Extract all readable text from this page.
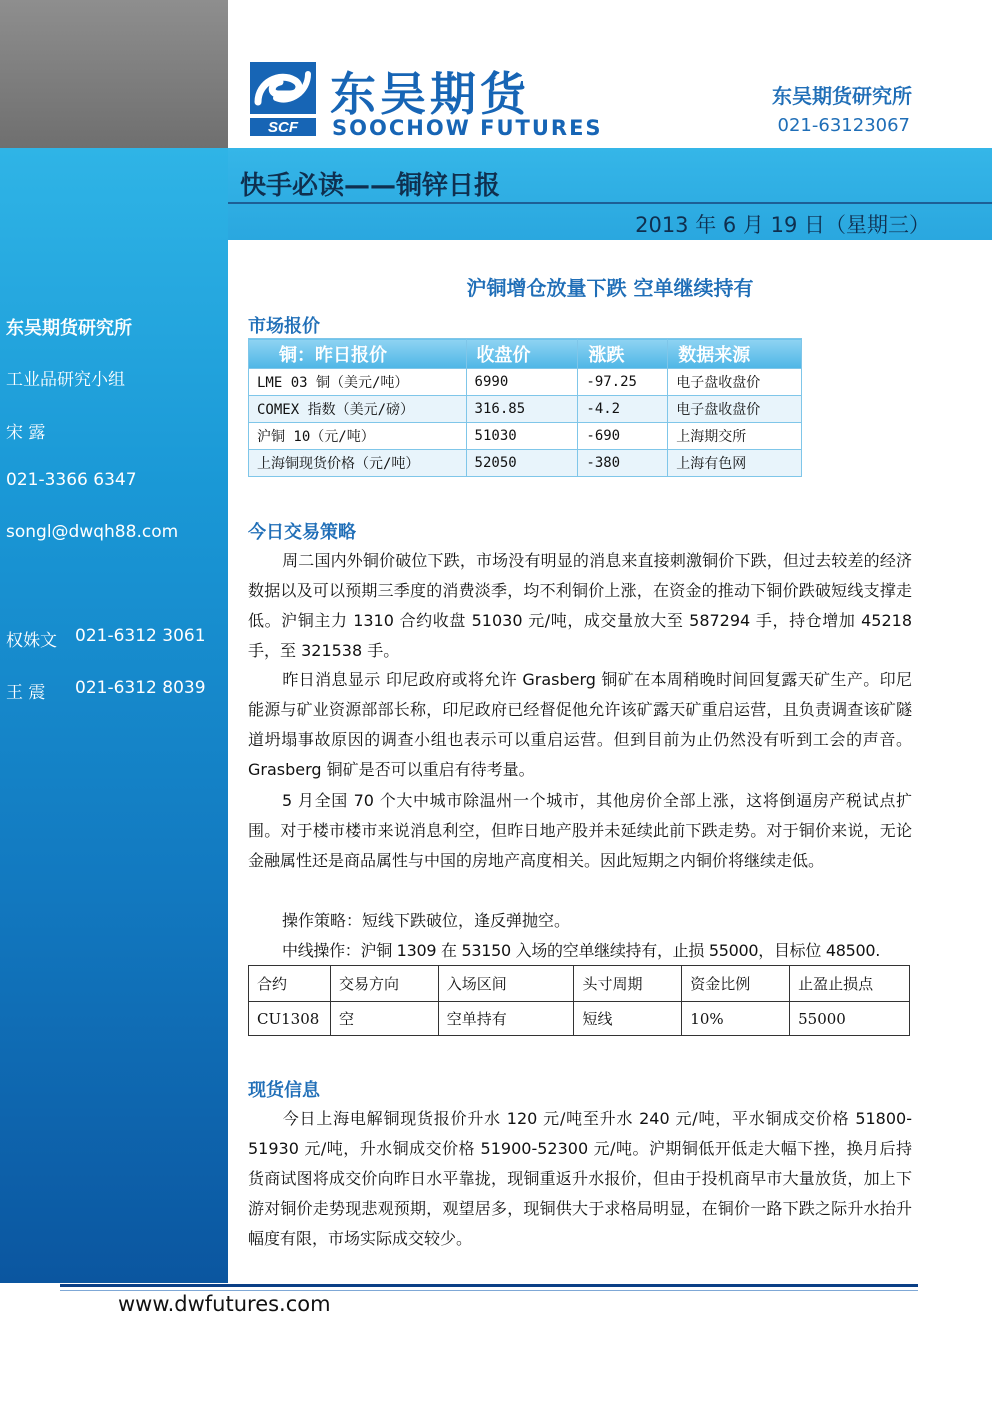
东吴期货研究所
工业品研究小组
宋 露
021-3366 6347
songl@dwqh88.com
权姝文 021-6312 3061
王 震 021-6312 8039
SCF
东吴期货
SOOCHOW FUTURES
东吴期货研究所
021-63123067
快手必读——铜锌日报
2013 年 6 月 19 日（星期三）
沪铜增仓放量下跌 空单继续持有
市场报价
铜：昨日报价	收盘价	涨跌	数据来源
LME 03 铜（美元/吨）	6990	-97.25	电子盘收盘价
COMEX 指数（美元/磅）	316.85	-4.2	电子盘收盘价
沪铜 10（元/吨）	51030	-690	上海期交所
上海铜现货价格（元/吨）	52050	-380	上海有色网
今日交易策略
周二国内外铜价破位下跌，市场没有明显的消息来直接刺激铜价下跌，但过去较差的经济数据以及可以预期三季度的消费淡季，均不利铜价上涨，在资金的推动下铜价跌破短线支撑走低。沪铜主力 1310 合约收盘 51030 元/吨，成交量放大至 587294 手，持仓增加 45218 手，至 321538 手。
昨日消息显示 印尼政府或将允许 Grasberg 铜矿在本周稍晚时间回复露天矿生产。印尼能源与矿业资源部部长称，印尼政府已经督促他允许该矿露天矿重启运营，且负责调查该矿隧道坍塌事故原因的调查小组也表示可以重启运营。但到目前为止仍然没有听到工会的声音。Grasberg 铜矿是否可以重启有待考量。
5 月全国 70 个大中城市除温州一个城市，其他房价全部上涨，这将倒逼房产税试点扩围。对于楼市楼市来说消息利空，但昨日地产股并未延续此前下跌走势。对于铜价来说，无论金融属性还是商品属性与中国的房地产高度相关。因此短期之内铜价将继续走低。
操作策略：短线下跌破位，逢反弹抛空。
中线操作：沪铜 1309 在 53150 入场的空单继续持有，止损 55000，目标位 48500.
合约	交易方向	入场区间	头寸周期	资金比例	止盈止损点
CU1308	空	空单持有	短线	10%	55000
现货信息
今日上海电解铜现货报价升水 120 元/吨至升水 240 元/吨，平水铜成交价格 51800-51930 元/吨，升水铜成交价格 51900-52300 元/吨。沪期铜低开低走大幅下挫，换月后持货商试图将成交价向昨日水平靠拢，现铜重返升水报价，但由于投机商早市大量放货，加上下游对铜价走势现悲观预期，观望居多，现铜供大于求格局明显，在铜价一路下跌之际升水抬升幅度有限，市场实际成交较少。
www.dwfutures.com
